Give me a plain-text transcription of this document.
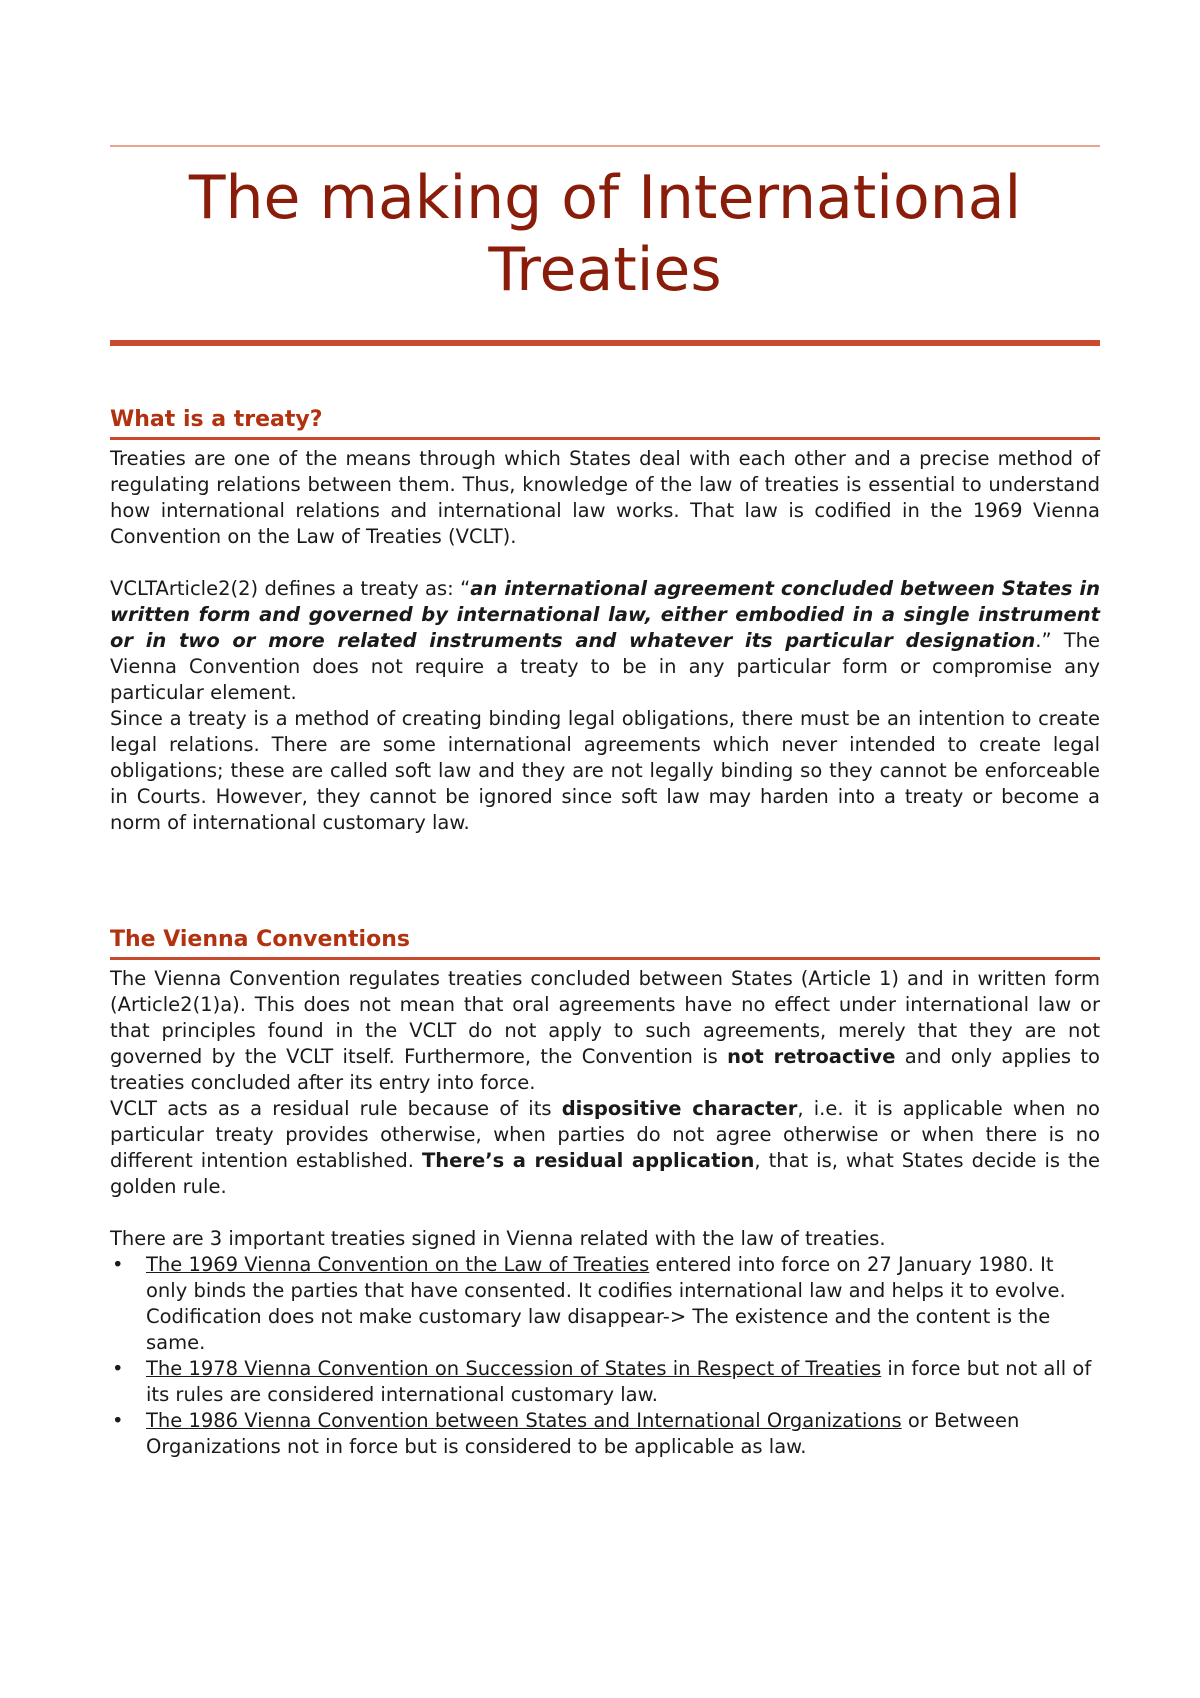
The making of International
Treaties
What is a treaty?

Treaties are one of the means through which States deal with each other and a precise method of regulating relations between them. Thus, knowledge of the law of treaties is essential to understand how international relations and international law works. That law is codified in the 1969 Vienna Convention on the Law of Treaties (VCLT).

VCLTArticle2(2) defines a treaty as: “an international agreement concluded between States in written form and governed by international law, either embodied in a single instrument or in two or more related instruments and whatever its particular designation.” The Vienna Convention does not require a treaty to be in any particular form or compromise any particular element.

Since a treaty is a method of creating binding legal obligations, there must be an intention to create legal relations. There are some international agreements which never intended to create legal obligations; these are called soft law and they are not legally binding so they cannot be enforceable in Courts. However, they cannot be ignored since soft law may harden into a treaty or become a norm of international customary law.

The Vienna Conventions

The Vienna Convention regulates treaties concluded between States (Article 1) and in written form (Article2(1)a). This does not mean that oral agreements have no effect under international law or that principles found in the VCLT do not apply to such agreements, merely that they are not governed by the VCLT itself. Furthermore, the Convention is not retroactive and only applies to treaties concluded after its entry into force.

VCLT acts as a residual rule because of its dispositive character, i.e. it is applicable when no particular treaty provides otherwise, when parties do not agree otherwise or when there is no different intention established. There’s a residual application, that is, what States decide is the golden rule.

There are 3 important treaties signed in Vienna related with the law of treaties.

• The 1969 Vienna Convention on the Law of Treaties entered into force on 27 January 1980. It only binds the parties that have consented. It codifies international law and helps it to evolve. Codification does not make customary law disappear-> The existence and the content is the same.
• The 1978 Vienna Convention on Succession of States in Respect of Treaties in force but not all of its rules are considered international customary law.
• The 1986 Vienna Convention between States and International Organizations or Between Organizations not in force but is considered to be applicable as law.
